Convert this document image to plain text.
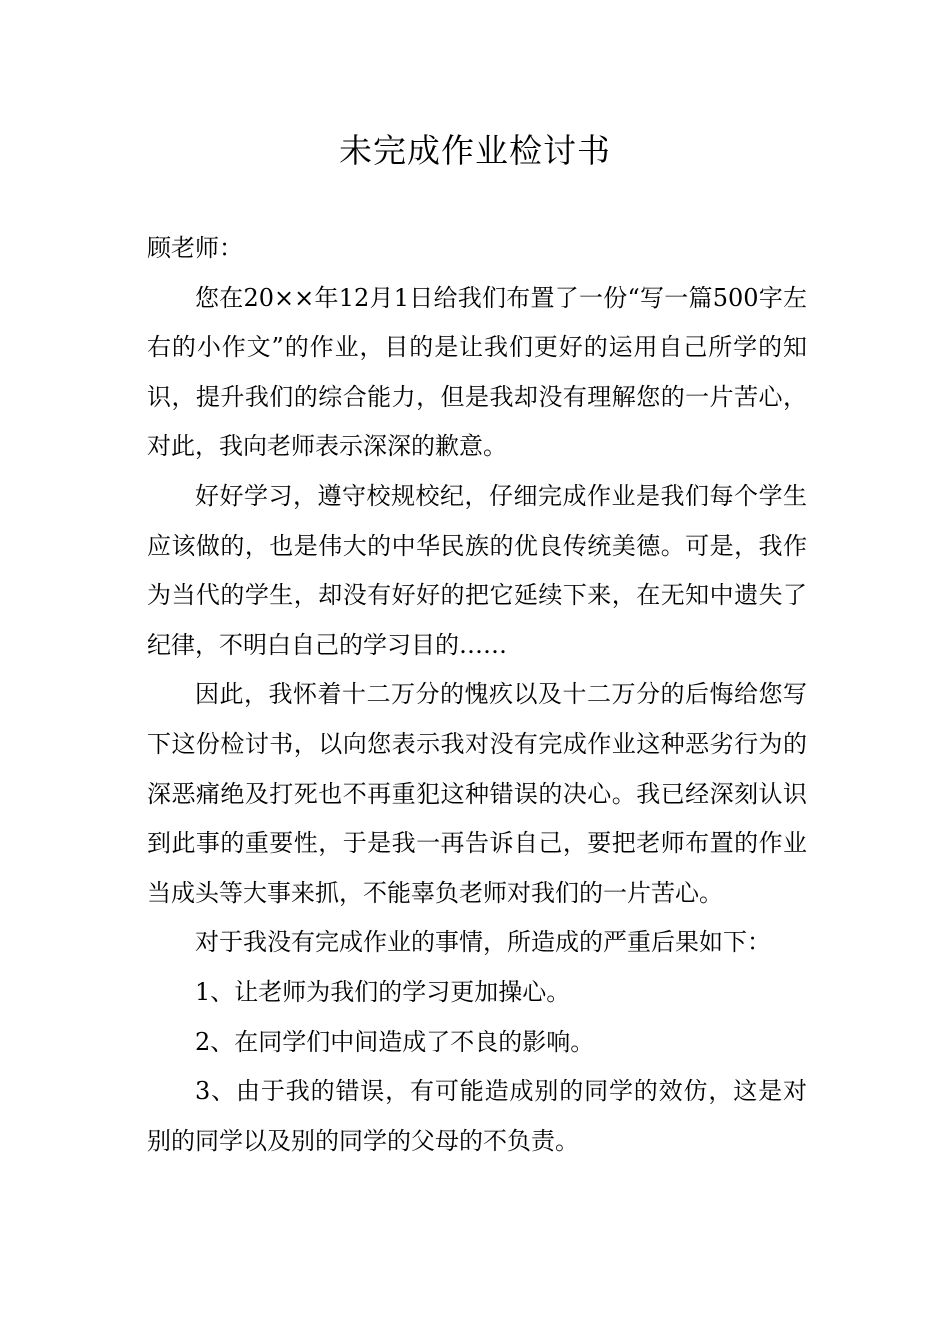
未完成作业检讨书

顾老师：

您在20××年12月1日给我们布置了一份“写一篇500字左右的小作文”的作业，目的是让我们更好的运用自己所学的知识，提升我们的综合能力，但是我却没有理解您的一片苦心，对此，我向老师表示深深的歉意。

好好学习，遵守校规校纪，仔细完成作业是我们每个学生应该做的，也是伟大的中华民族的优良传统美德。可是，我作为当代的学生，却没有好好的把它延续下来，在无知中遗失了纪律，不明白自己的学习目的……

因此，我怀着十二万分的愧疚以及十二万分的后悔给您写下这份检讨书，以向您表示我对没有完成作业这种恶劣行为的深恶痛绝及打死也不再重犯这种错误的决心。我已经深刻认识到此事的重要性，于是我一再告诉自己，要把老师布置的作业当成头等大事来抓，不能辜负老师对我们的一片苦心。

对于我没有完成作业的事情，所造成的严重后果如下：

1、让老师为我们的学习更加操心。

2、在同学们中间造成了不良的影响。

3、由于我的错误，有可能造成别的同学的效仿，这是对别的同学以及别的同学的父母的不负责。
